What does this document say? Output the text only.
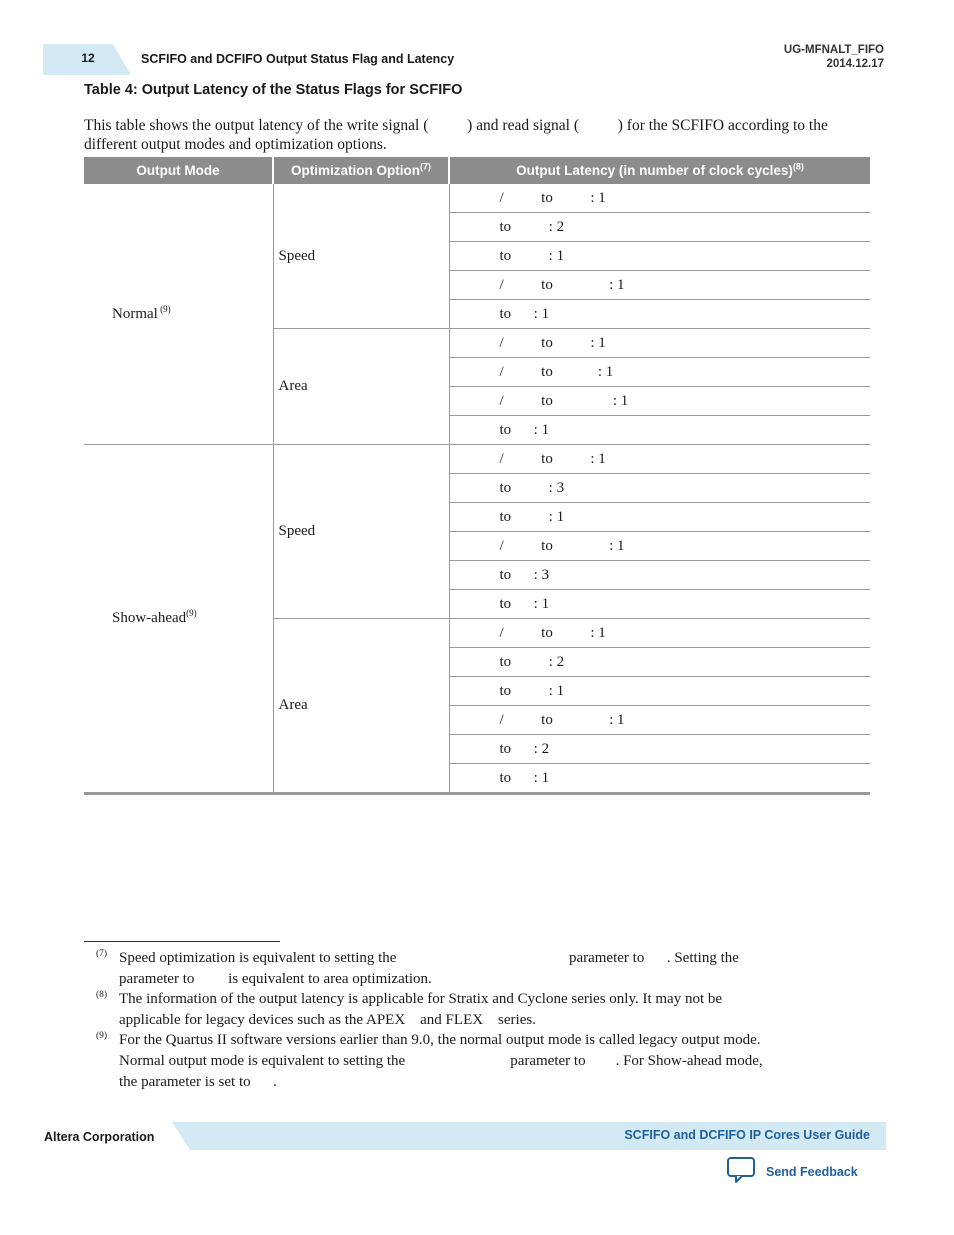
12	SCFIFO and DCFIFO Output Status Flag and Latency
UG-MFNALT_FIFO
2014.12.17
Table 4: Output Latency of the Status Flags for SCFIFO
This table shows the output latency of the write signal (          ) and read signal (          ) for the SCFIFO according to the different output modes and optimization options.
Output Mode	Optimization Option$^{(7)}$	Output Latency (in number of clock cycles)$^{(8)}$
Normal $^{(9)}$	Speed	/          to          : 1
		to          : 2
		to          : 1
		/          to               : 1
		to      : 1
	Area	/          to          : 1
		/          to            : 1
		/          to                : 1
		to      : 1
Show-ahead$^{(9)}$	Speed	/          to          : 1
		to          : 3
		to          : 1
		/          to               : 1
		to      : 3
		to      : 1
	Area	/          to          : 1
		to          : 2
		to          : 1
		/          to               : 1
		to      : 2
		to      : 1
(7) Speed optimization is equivalent to setting the                                              parameter to      . Setting the
parameter to         is equivalent to area optimization.
(8) The information of the output latency is applicable for Stratix and Cyclone series only. It may not be
applicable for legacy devices such as the APEX    and FLEX    series.
(9) For the Quartus II software versions earlier than 9.0, the normal output mode is called legacy output mode.
Normal output mode is equivalent to setting the                            parameter to        . For Show-ahead mode,
the parameter is set to      .
Altera Corporation	SCFIFO and DCFIFO IP Cores User Guide
Send Feedback
